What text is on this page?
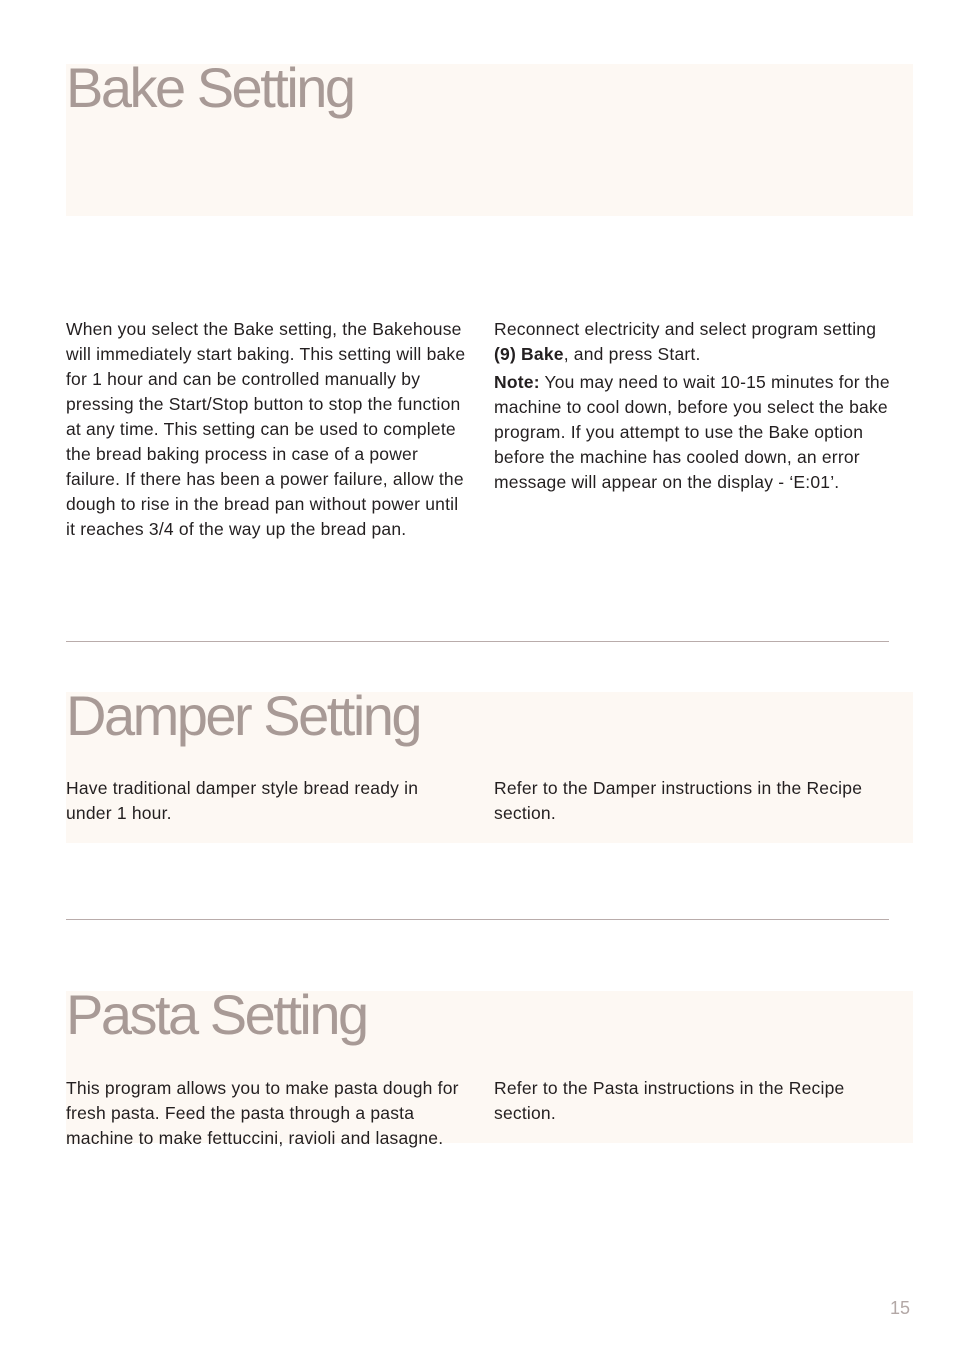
Bake Setting

When you select the Bake setting, the Bakehouse will immediately start baking. This setting will bake for 1 hour and can be controlled manually by pressing the Start/Stop button to stop the function at any time. This setting can be used to complete the bread baking process in case of a power failure. If there has been a power failure, allow the dough to rise in the bread pan without power until it reaches 3/4 of the way up the bread pan.

Reconnect electricity and select program setting (9) Bake, and press Start.

Note: You may need to wait 10-15 minutes for the machine to cool down, before you select the bake program. If you attempt to use the Bake option before the machine has cooled down, an error message will appear on the display - ‘E:01’.

Damper Setting

Have traditional damper style bread ready in under 1 hour.

Refer to the Damper instructions in the Recipe section.

Pasta Setting

This program allows you to make pasta dough for fresh pasta. Feed the pasta through a pasta machine to make fettuccini, ravioli and lasagne.

Refer to the Pasta instructions in the Recipe section.

15
